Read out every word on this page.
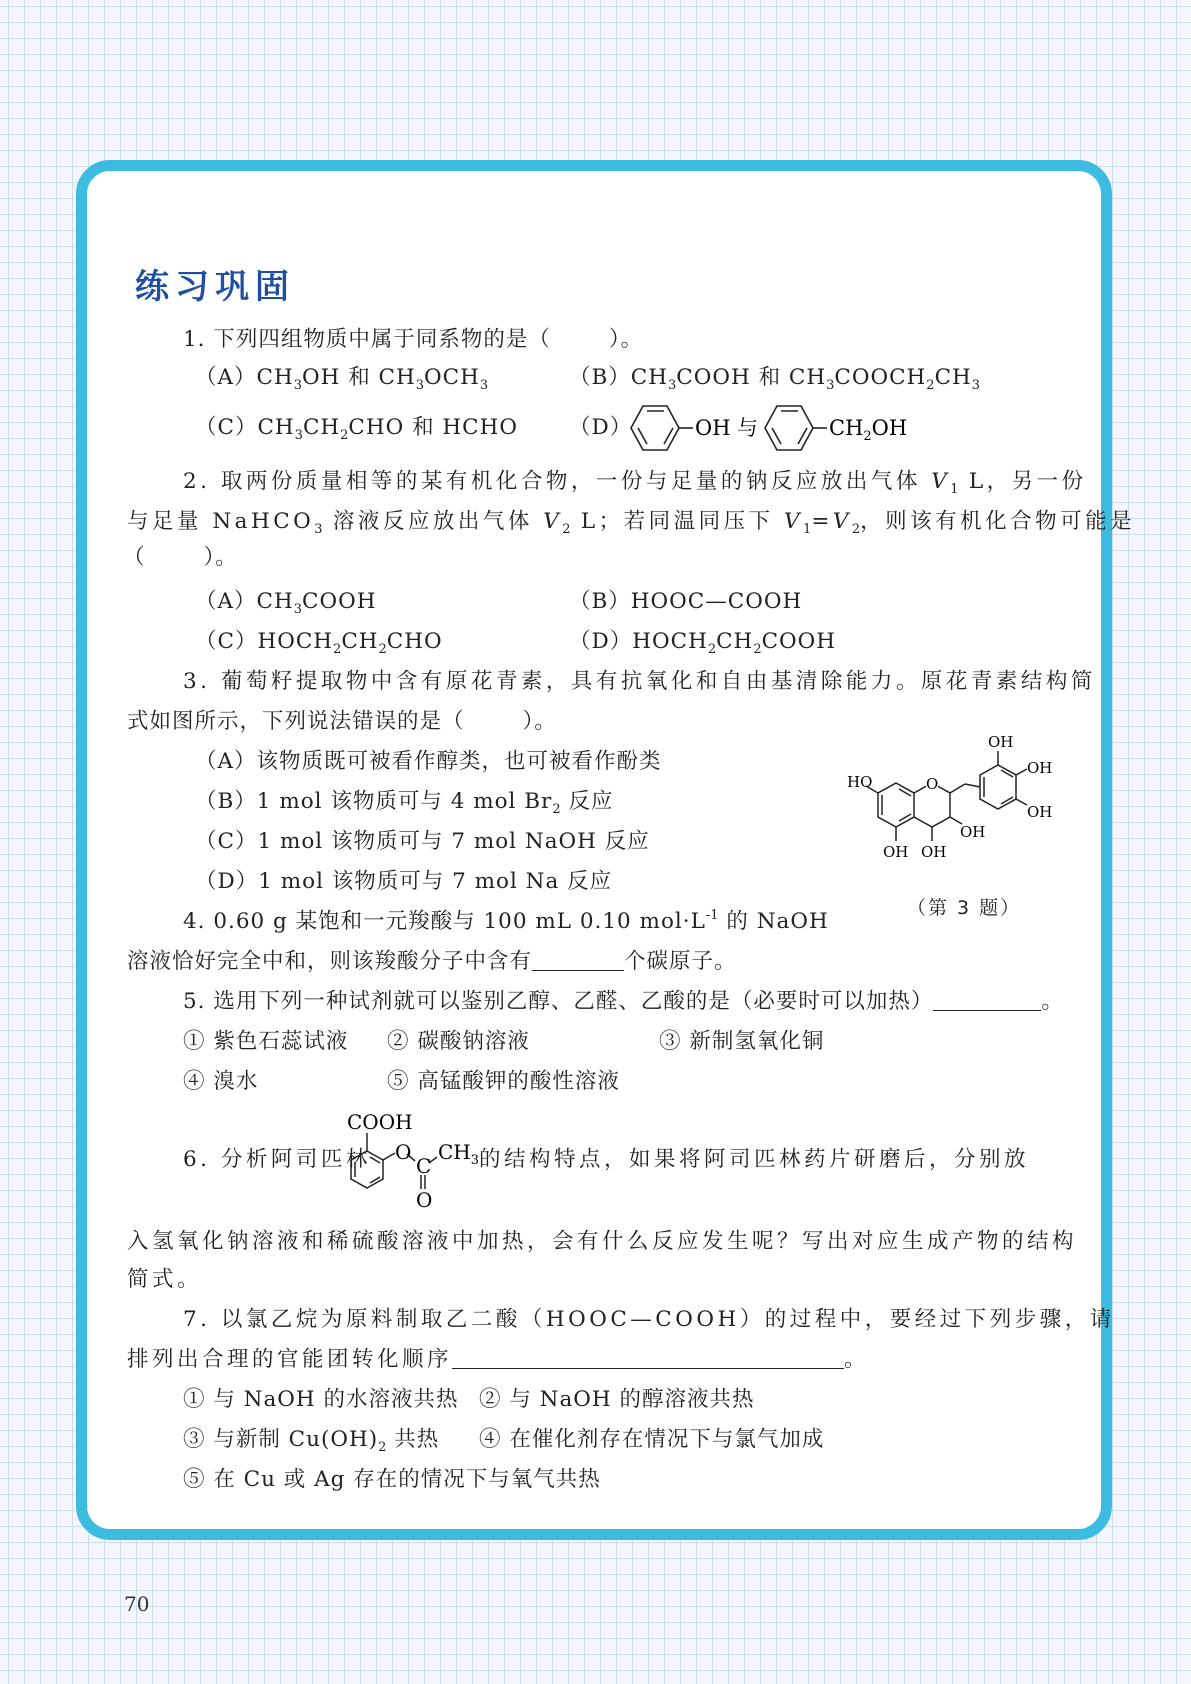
练习巩固
1. 下列四组物质中属于同系物的是（	）。
$(A)CH_3OH$ 和 $CH_3OCH_3$	$(B)CH_3COOH$ 和 $CH_3COOCH_2CH_3$
$(C)CH_3CH_2CHO$ 和 HCHO （D）	OH 与	$CH_2OH$
2. 取两份质量相等的某有机化合物，一份与足量的钠反应放出气体 $V_1$ L，另一份
与足量 NaHCO$_3$ 溶液反应放出气体 $V_2$ L；若同温同压下 $V_1=V_2$，则该有机化合物可能是
（	）。
$(A)CH_3COOH$	（B）HOOC—COOH
$(C)HOCH_2CH_2CHO$	$(D)HOCH_2CH_2COOH$
3. 葡萄籽提取物中含有原花青素，具有抗氧化和自由基清除能力。原花青素结构简
式如图所示，下列说法错误的是（	）。
（A）该物质既可被看作醇类，也可被看作酚类
（B）1 mol 该物质可与 4 mol $Br_2$ 反应
（C）1 mol 该物质可与 7 mol NaOH 反应
（D）1 mol 该物质可与 7 mol Na 反应
O
HO
OH OH
OH
OH
OH
OH
（第 3 题）
4. 0.60 g 某饱和一元羧酸与 100 mL 0.10 $mol\cdot L^{-1}$ 的 NaOH
溶液恰好完全中和，则该羧酸分子中含有	个碳原子。
5. 选用下列一种试剂就可以鉴别乙醇、乙醛、乙酸的是（必要时可以加热）	。
① 紫色石蕊试液 ② 碳酸钠溶液	③ 新制氢氧化铜
④ 溴水	⑤ 高锰酸钾的酸性溶液
6. 分析阿司匹林
COOH
O
C
$CH_3$
O
的结构特点，如果将阿司匹林药片研磨后，分别放
入氢氧化钠溶液和稀硫酸溶液中加热，会有什么反应发生呢？写出对应生成产物的结构
简式。
7. 以氯乙烷为原料制取乙二酸（HOOC—COOH）的过程中，要经过下列步骤，请
排列出合理的官能团转化顺序	。
① 与 NaOH 的水溶液共热 ② 与 NaOH 的醇溶液共热
③ 与新制 $Cu(OH)_2$ 共热 ④ 在催化剂存在情况下与氯气加成
⑤ 在 Cu 或 Ag 存在的情况下与氧气共热
70
